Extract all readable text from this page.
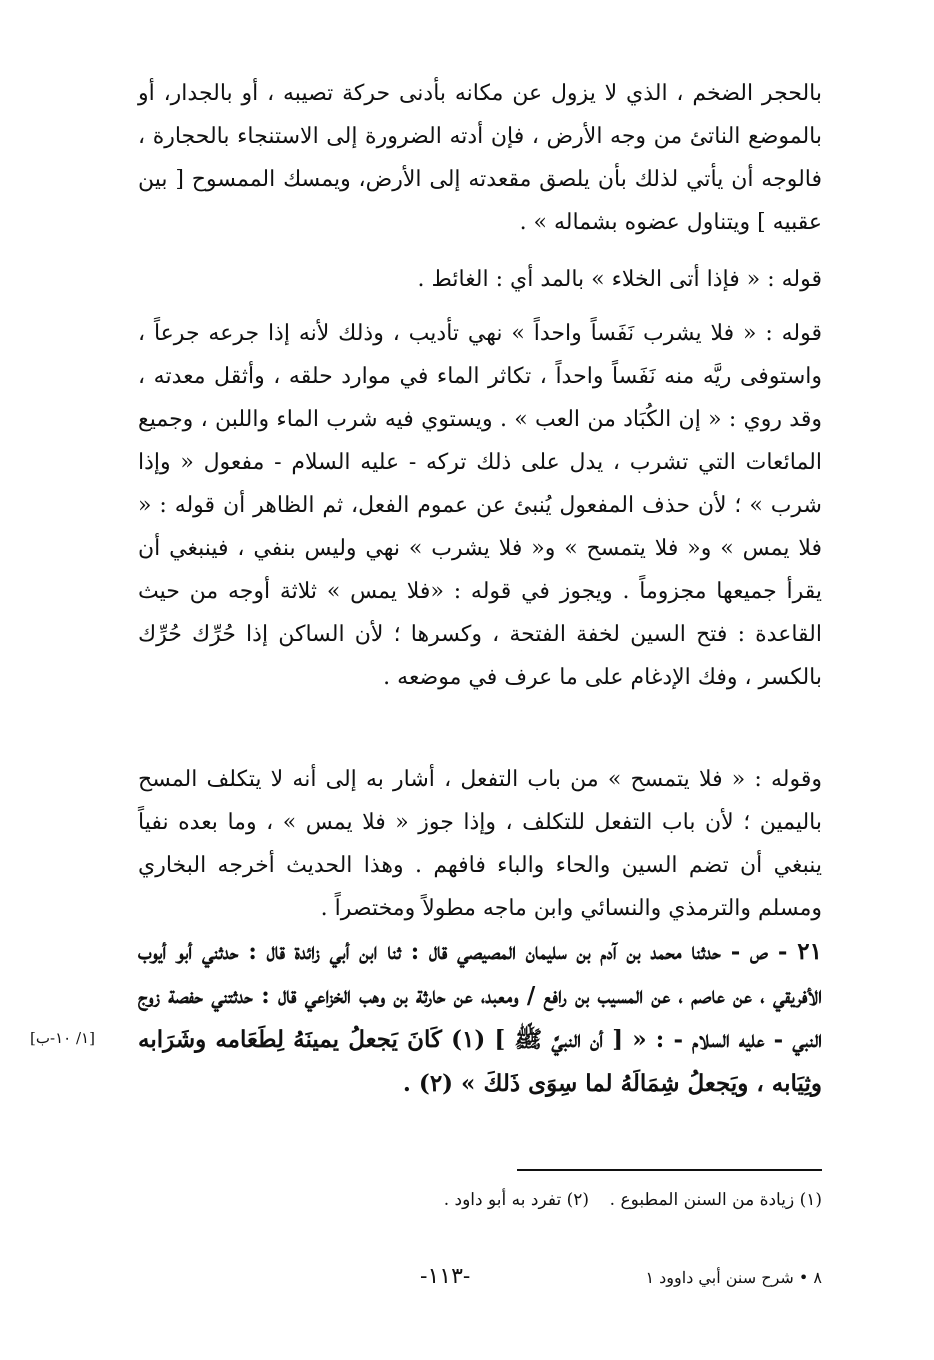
بالحجر الضخم ، الذي لا يزول عن مكانه بأدنى حركة تصيبه ، أو بالجدار، أو بالموضع الناتئ من وجه الأرض ، فإن أدته الضرورة إلى الاستنجاء بالحجارة ، فالوجه أن يأتي لذلك بأن يلصق مقعدته إلى الأرض، ويمسك الممسوح [ بين عقبيه ] ويتناول عضوه بشماله » .

قوله : « فإذا أتى الخلاء » بالمد أي : الغائط .

قوله : « فلا يشرب نَفَساً واحداً » نهي تأديب ، وذلك لأنه إذا جرعه جرعاً ، واستوفى ريَّه منه نَفَساً واحداً ، تكاثر الماء في موارد حلقه ، وأثقل معدته ، وقد روي : « إن الكُبَاد من العب » . ويستوي فيه شرب الماء واللبن ، وجميع المائعات التي تشرب ، يدل على ذلك تركه - عليه السلام - مفعول « وإذا شرب » ؛ لأن حذف المفعول يُنبئ عن عموم الفعل، ثم الظاهر أن قوله : « فلا يمس » و« فلا يتمسح » و« فلا يشرب » نهي وليس بنفي ، فينبغي أن يقرأ جميعها مجزوماً . ويجوز في قوله : «فلا يمس » ثلاثة أوجه من حيث القاعدة : فتح السين لخفة الفتحة ، وكسرها ؛ لأن الساكن إذا حُرِّك حُرِّك بالكسر ، وفك الإدغام على ما عرف في موضعه .

وقوله : « فلا يتمسح » من باب التفعل ، أشار به إلى أنه لا يتكلف المسح باليمين ؛ لأن باب التفعل للتكلف ، وإذا جوز « فلا يمس » ، وما بعده نفياً ينبغي أن تضم السين والحاء والباء فافهم . وهذا الحديث أخرجه البخاري ومسلم والترمذي والنسائي وابن ماجه مطولاً ومختصراً .

٢١ - ص - حدثنا محمد بن آدم بن سليمان المصيصي قال : ثنا ابن أبي زائدة قال : حدثني أبو أيوب الأفريقي ، عن عاصم ، عن المسيب بن رافع / ومعبد، عن حارثة بن وهب الخزاعي قال : حدثتني حفصة زوج النبي - عليه السلام - : « [ أن النبيَّ ﷺ ] (١) كَانَ يَجعلُ يمينَهُ لِطَعَامه وشَرَابه وثِيَابه ، ويَجعلُ شِمَالَهُ لما سِوَى ذَلكَ » (٢) .
[١/ ١٠-ب]
(١) زيادة من السنن المطبوع .
(٢) تفرد به أبو داود .
٨ • شرح سنن أبي داوود ١
-١١٣-
